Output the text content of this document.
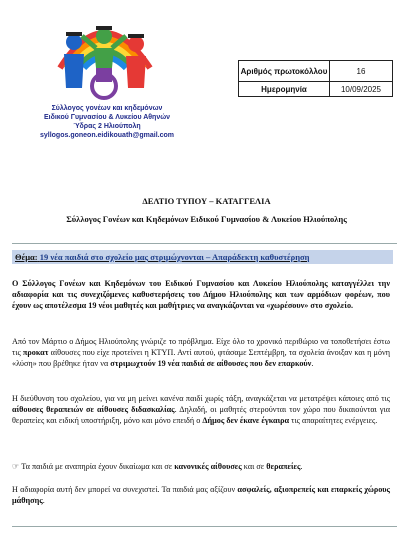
Σύλλογος γονέων και κηδεμόνων
Ειδικού Γυμνασίου & Λυκείου Αθηνών
Ύδρας 2 Ηλιούπολη
syllogos.goneon.eidikouath@gmail.com
Αριθμός πρωτοκόλλου	16
Ημερομηνία	10/09/2025
ΔΕΛΤΙΟ ΤΥΠΟΥ – ΚΑΤΑΓΓΕΛΙΑ
Σύλλογος Γονέων και Κηδεμόνων Ειδικού Γυμνασίου & Λυκείου Ηλιούπολης
Θέμα: 19 νέα παιδιά στο σχολείο μας στριμώχνονται – Απαράδεκτη καθυστέρηση
Ο Σύλλογος Γονέων και Κηδεμόνων του Ειδικού Γυμνασίου και Λυκείου Ηλιούπολης καταγγέλλει την αδιαφορία και τις συνεχιζόμενες καθυστερήσεις του Δήμου Ηλιούπολης και των αρμόδιων φορέων, που έχουν ως αποτέλεσμα 19 νέοι μαθητές και μαθήτριες να αναγκάζονται να «χωρέσουν» στο σχολείο.
Από τον Μάρτιο ο Δήμος Ηλιούπολης γνώριζε το πρόβλημα. Είχε όλο το χρονικό περιθώριο να τοποθετήσει έστω τις προκατ αίθουσες που είχε προτείνει η ΚΤΥΠ. Αντί αυτού, φτάσαμε Σεπτέμβρη, τα σχολεία άνοιξαν και η μόνη «λύση» που βρέθηκε ήταν να στριμωχτούν 19 νέα παιδιά σε αίθουσες που δεν επαρκούν.
Η διεύθυνση του σχολείου, για να μη μείνει κανένα παιδί χωρίς τάξη, αναγκάζεται να μετατρέψει κάποιες από τις αίθουσες θεραπειών σε αίθουσες διδασκαλίας. Δηλαδή, οι μαθητές στερούνται τον χώρο που δικαιούνται για θεραπείες και ειδική υποστήριξη, μόνο και μόνο επειδή ο Δήμος δεν έκανε έγκαιρα τις απαραίτητες ενέργειες.
☞ Τα παιδιά με αναπηρία έχουν δικαίωμα και σε κανονικές αίθουσες και σε θεραπείες.
Η αδιαφορία αυτή δεν μπορεί να συνεχιστεί. Τα παιδιά μας αξίζουν ασφαλείς, αξιοπρεπείς και επαρκείς χώρους μάθησης.
